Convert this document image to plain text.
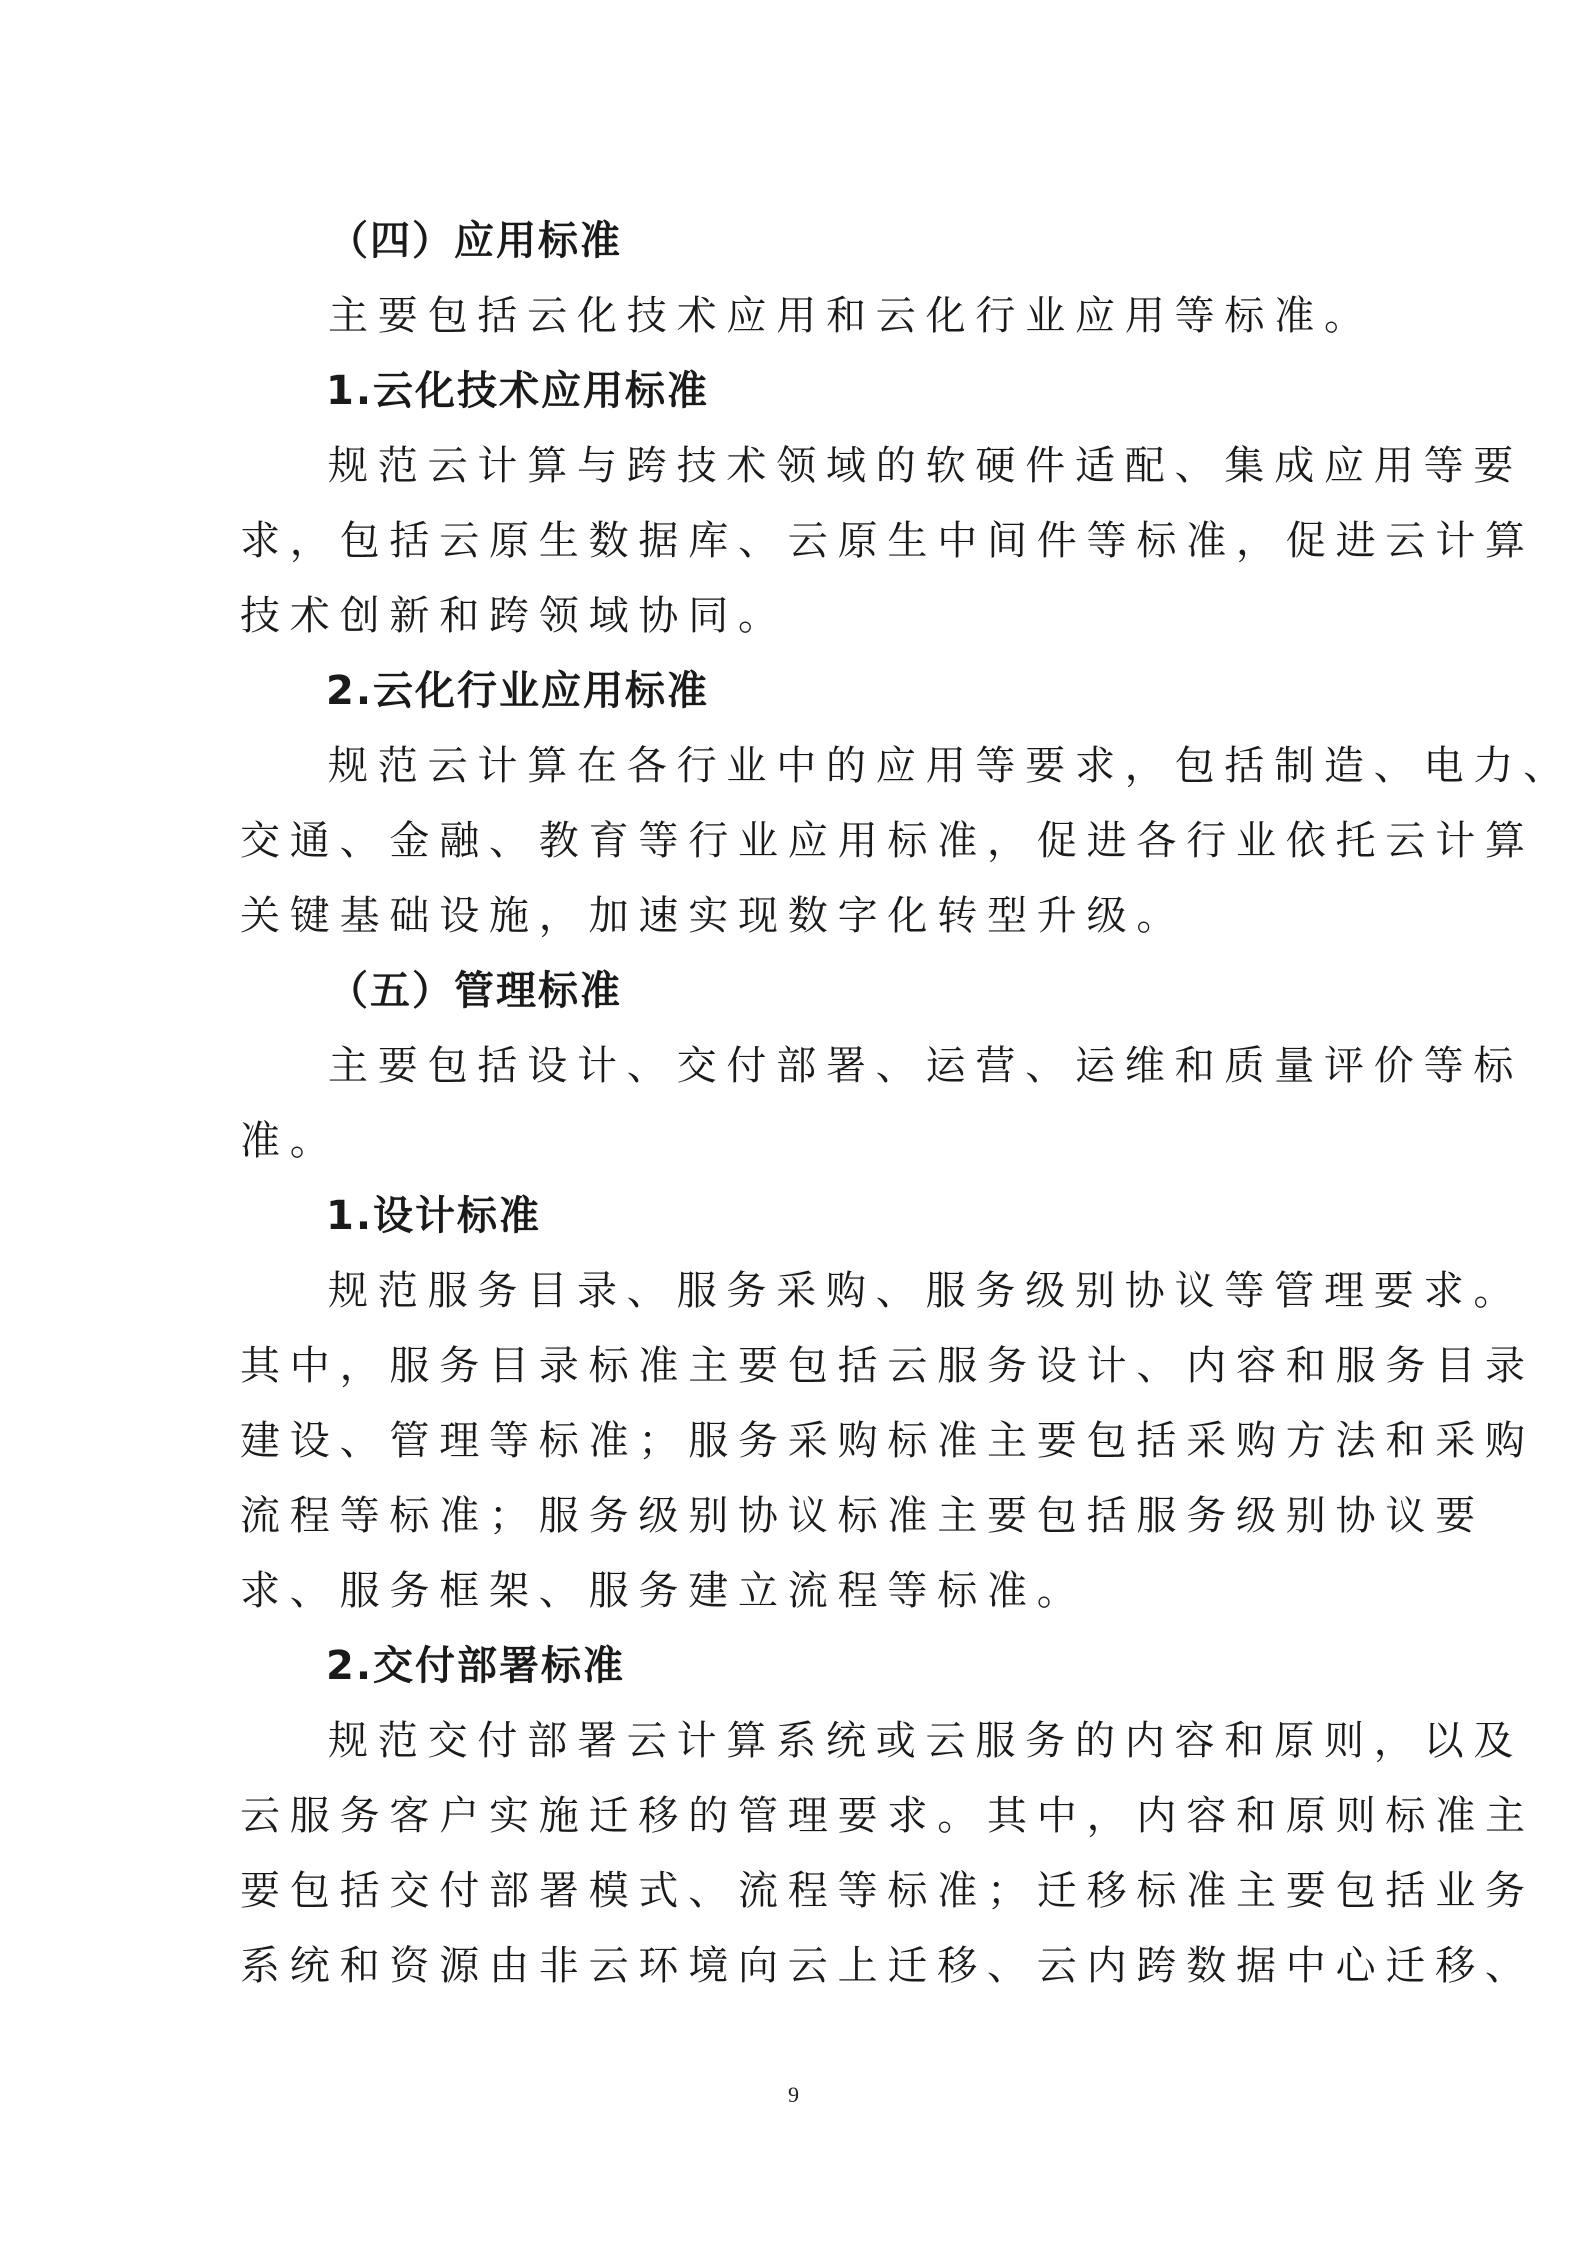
（四）应用标准
主要包括云化技术应用和云化行业应用等标准。
1.云化技术应用标准
规范云计算与跨技术领域的软硬件适配、集成应用等要
求，包括云原生数据库、云原生中间件等标准，促进云计算
技术创新和跨领域协同。
2.云化行业应用标准
规范云计算在各行业中的应用等要求，包括制造、电力、
交通、金融、教育等行业应用标准，促进各行业依托云计算
关键基础设施，加速实现数字化转型升级。
（五）管理标准
主要包括设计、交付部署、运营、运维和质量评价等标
准。
1.设计标准
规范服务目录、服务采购、服务级别协议等管理要求。
其中，服务目录标准主要包括云服务设计、内容和服务目录
建设、管理等标准；服务采购标准主要包括采购方法和采购
流程等标准；服务级别协议标准主要包括服务级别协议要
求、服务框架、服务建立流程等标准。
2.交付部署标准
规范交付部署云计算系统或云服务的内容和原则，以及
云服务客户实施迁移的管理要求。其中，内容和原则标准主
要包括交付部署模式、流程等标准；迁移标准主要包括业务
系统和资源由非云环境向云上迁移、云内跨数据中心迁移、
9
